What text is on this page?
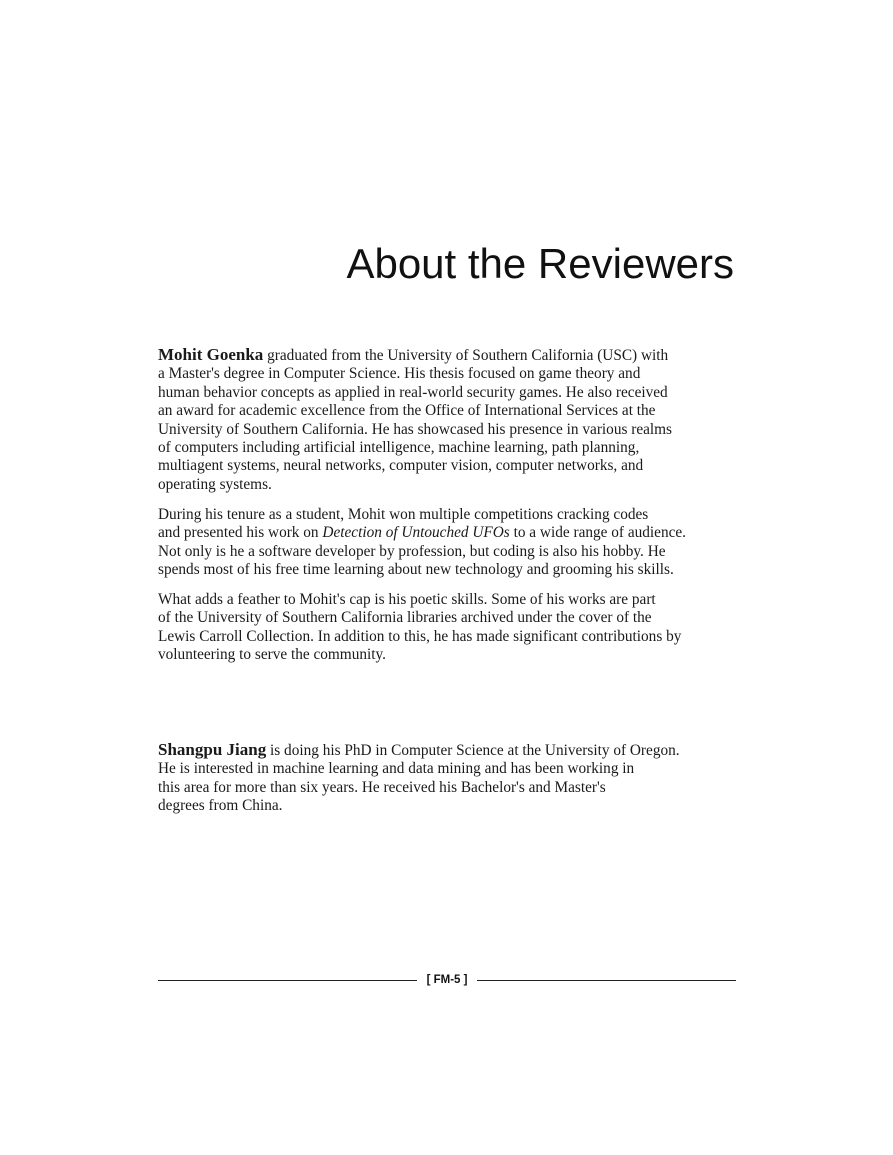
About the Reviewers

Mohit Goenka graduated from the University of Southern California (USC) with
a Master's degree in Computer Science. His thesis focused on game theory and
human behavior concepts as applied in real-world security games. He also received
an award for academic excellence from the Office of International Services at the
University of Southern California. He has showcased his presence in various realms
of computers including artificial intelligence, machine learning, path planning,
multiagent systems, neural networks, computer vision, computer networks, and
operating systems.

During his tenure as a student, Mohit won multiple competitions cracking codes
and presented his work on Detection of Untouched UFOs to a wide range of audience.
Not only is he a software developer by profession, but coding is also his hobby. He
spends most of his free time learning about new technology and grooming his skills.

What adds a feather to Mohit's cap is his poetic skills. Some of his works are part
of the University of Southern California libraries archived under the cover of the
Lewis Carroll Collection. In addition to this, he has made significant contributions by
volunteering to serve the community.

Shangpu Jiang is doing his PhD in Computer Science at the University of Oregon.
He is interested in machine learning and data mining and has been working in
this area for more than six years. He received his Bachelor's and Master's
degrees from China.

[ FM-5 ]
